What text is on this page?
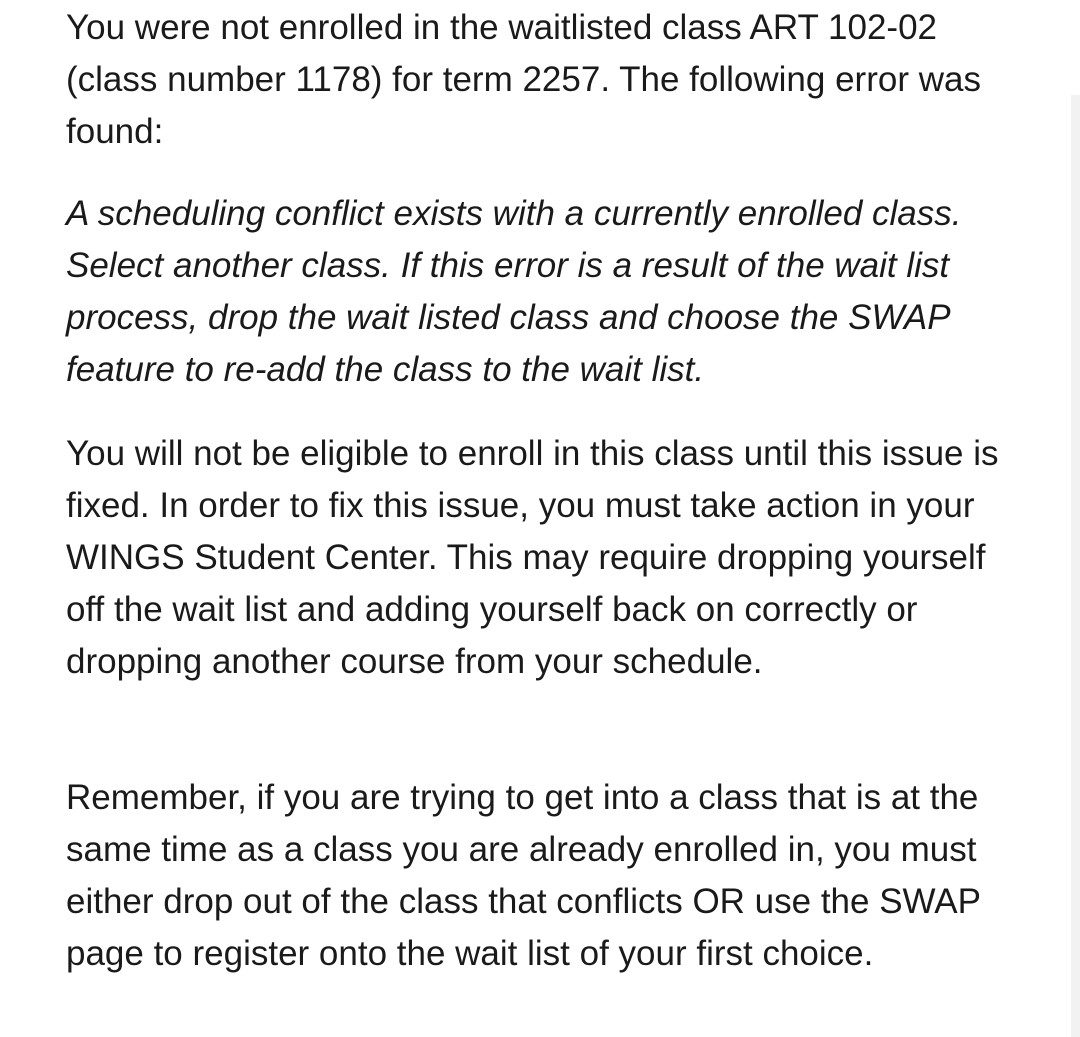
You were not enrolled in the waitlisted class ART 102-02 (class number 1178) for term 2257. The following error was found:

A scheduling conflict exists with a currently enrolled class. Select another class. If this error is a result of the wait list process, drop the wait listed class and choose the SWAP feature to re-add the class to the wait list.

You will not be eligible to enroll in this class until this issue is fixed. In order to fix this issue, you must take action in your WINGS Student Center. This may require dropping yourself off the wait list and adding yourself back on correctly or dropping another course from your schedule.

Remember, if you are trying to get into a class that is at the same time as a class you are already enrolled in, you must either drop out of the class that conflicts OR use the SWAP page to register onto the wait list of your first choice.
